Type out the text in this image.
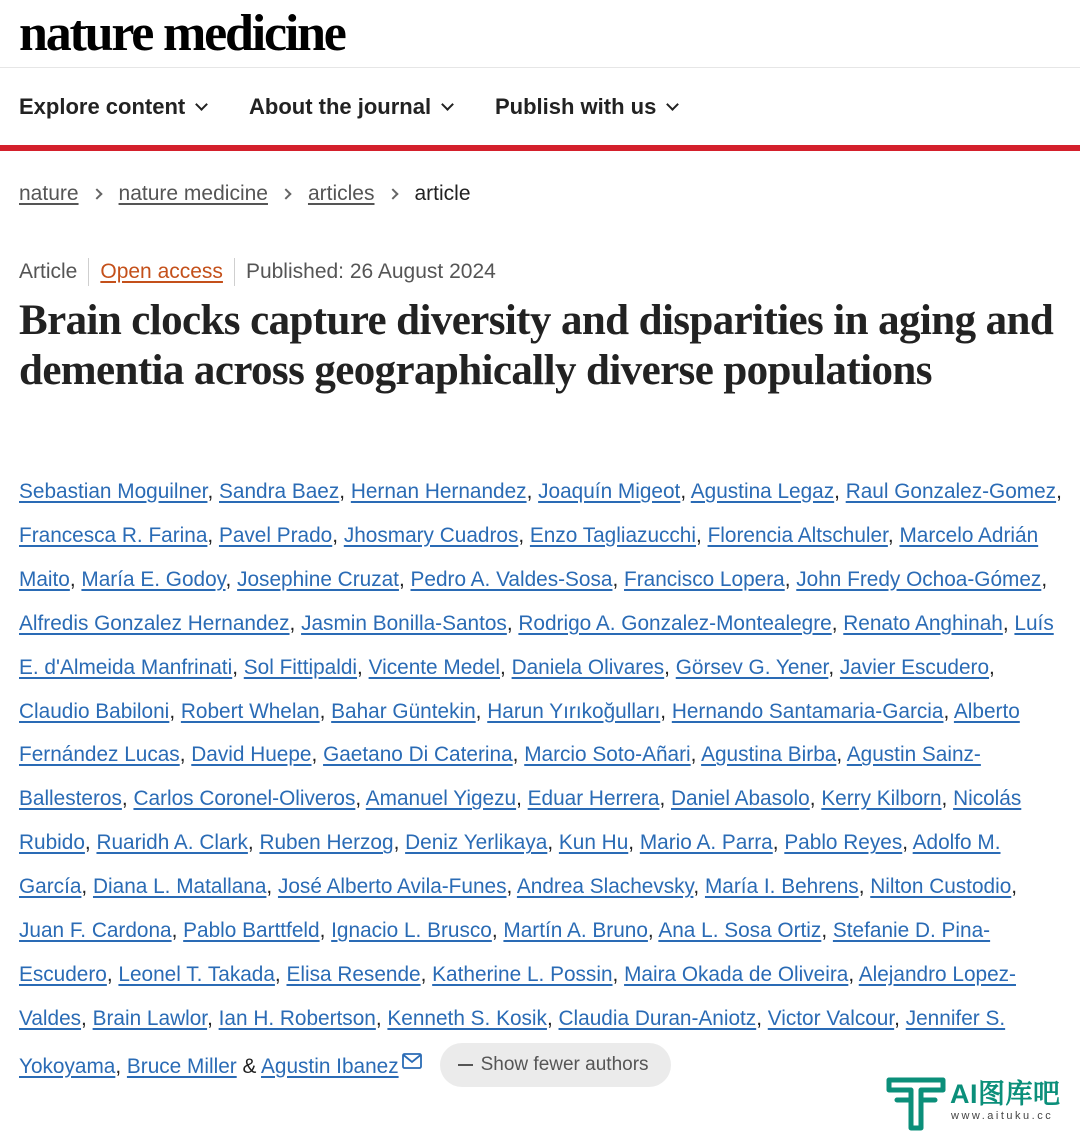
nature medicine
Explore content	About the journal	Publish with us
nature nature medicine articles article
Article Open access Published: 26 August 2024
Brain clocks capture diversity and disparities in aging and dementia across geographically diverse populations
Sebastian Moguilner, Sandra Baez, Hernan Hernandez, Joaquín Migeot, Agustina Legaz, Raul Gonzalez-Gomez, Francesca R. Farina, Pavel Prado, Jhosmary Cuadros, Enzo Tagliazucchi, Florencia Altschuler, Marcelo Adrián Maito, María E. Godoy, Josephine Cruzat, Pedro A. Valdes-Sosa, Francisco Lopera, John Fredy Ochoa-Gómez, Alfredis Gonzalez Hernandez, Jasmin Bonilla-Santos, Rodrigo A. Gonzalez-Montealegre, Renato Anghinah, Luís E. d'Almeida Manfrinati, Sol Fittipaldi, Vicente Medel, Daniela Olivares, Görsev G. Yener, Javier Escudero, Claudio Babiloni, Robert Whelan, Bahar Güntekin, Harun Yırıkoğulları, Hernando Santamaria-Garcia, Alberto Fernández Lucas, David Huepe, Gaetano Di Caterina, Marcio Soto-Añari, Agustina Birba, Agustin Sainz-Ballesteros, Carlos Coronel-Oliveros, Amanuel Yigezu, Eduar Herrera, Daniel Abasolo, Kerry Kilborn, Nicolás Rubido, Ruaridh A. Clark, Ruben Herzog, Deniz Yerlikaya, Kun Hu, Mario A. Parra, Pablo Reyes, Adolfo M. García, Diana L. Matallana, José Alberto Avila-Funes, Andrea Slachevsky, María I. Behrens, Nilton Custodio, Juan F. Cardona, Pablo Barttfeld, Ignacio L. Brusco, Martín A. Bruno, Ana L. Sosa Ortiz, Stefanie D. Pina-Escudero, Leonel T. Takada, Elisa Resende, Katherine L. Possin, Maira Okada de Oliveira, Alejandro Lopez-Valdes, Brain Lawlor, Ian H. Robertson, Kenneth S. Kosik, Claudia Duran-Aniotz, Victor Valcour, Jennifer S. Yokoyama, Bruce Miller & Agustin Ibanez	Show fewer authors
AI图库吧
www.aituku.cc
